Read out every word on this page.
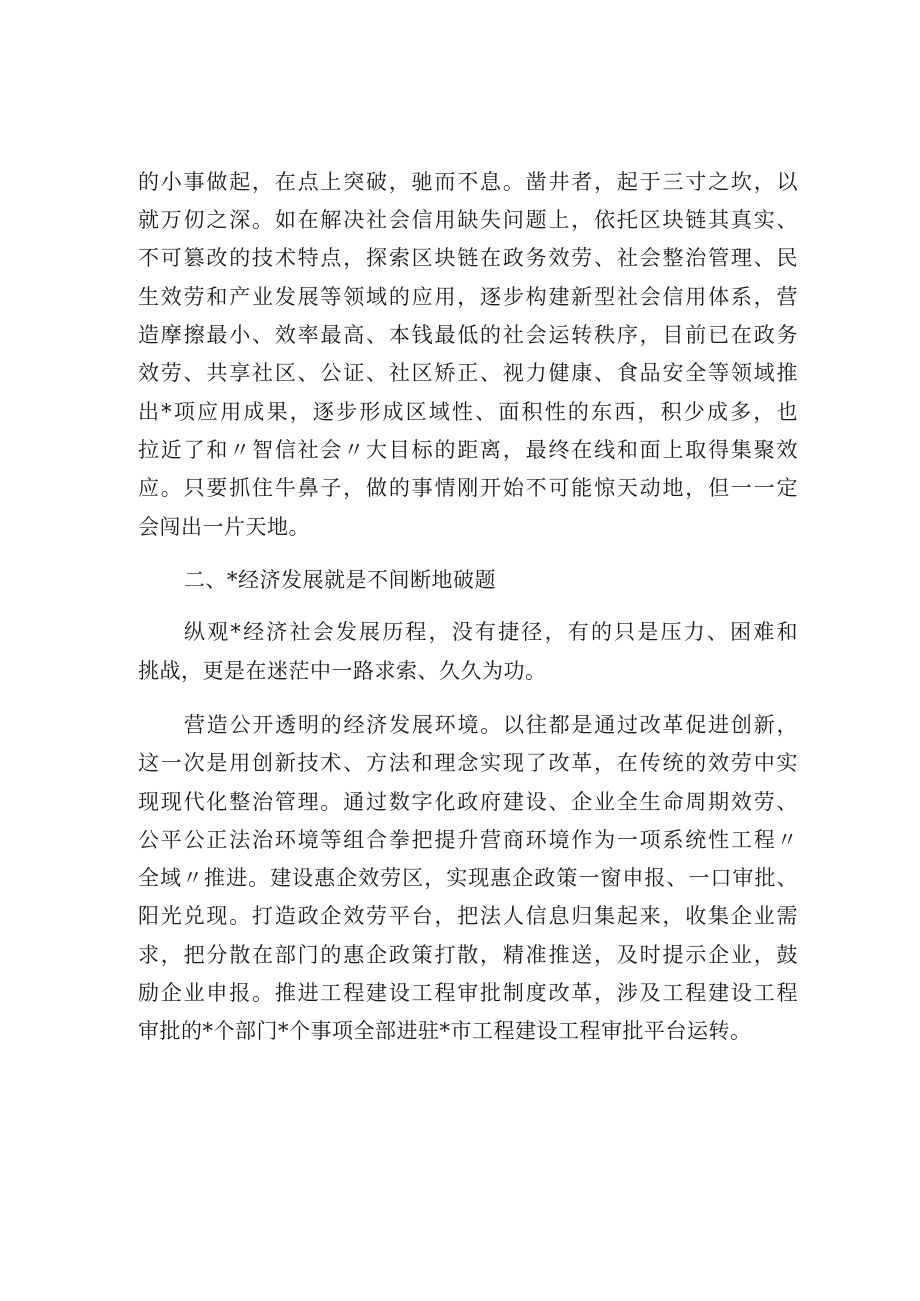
的小事做起，在点上突破，驰而不息。凿井者，起于三寸之坎，以
就万仞之深。如在解决社会信用缺失问题上，依托区块链其真实、
不可篡改的技术特点，探索区块链在政务效劳、社会整治管理、民
生效劳和产业发展等领域的应用，逐步构建新型社会信用体系，营
造摩擦最小、效率最高、本钱最低的社会运转秩序，目前已在政务
效劳、共享社区、公证、社区矫正、视力健康、食品安全等领域推
出*项应用成果，逐步形成区域性、面积性的东西，积少成多，也
拉近了和〃智信社会〃大目标的距离，最终在线和面上取得集聚效
应。只要抓住牛鼻子，做的事情刚开始不可能惊天动地，但一一定
会闯出一片天地。
二、*经济发展就是不间断地破题
纵观*经济社会发展历程，没有捷径，有的只是压力、困难和
挑战，更是在迷茫中一路求索、久久为功。
营造公开透明的经济发展环境。以往都是通过改革促进创新，
这一次是用创新技术、方法和理念实现了改革，在传统的效劳中实
现现代化整治管理。通过数字化政府建设、企业全生命周期效劳、
公平公正法治环境等组合拳把提升营商环境作为一项系统性工程〃
全域〃推进。建设惠企效劳区，实现惠企政策一窗申报、一口审批、
阳光兑现。打造政企效劳平台，把法人信息归集起来，收集企业需
求，把分散在部门的惠企政策打散，精准推送，及时提示企业，鼓
励企业申报。推进工程建设工程审批制度改革，涉及工程建设工程
审批的*个部门*个事项全部进驻*市工程建设工程审批平台运转。
